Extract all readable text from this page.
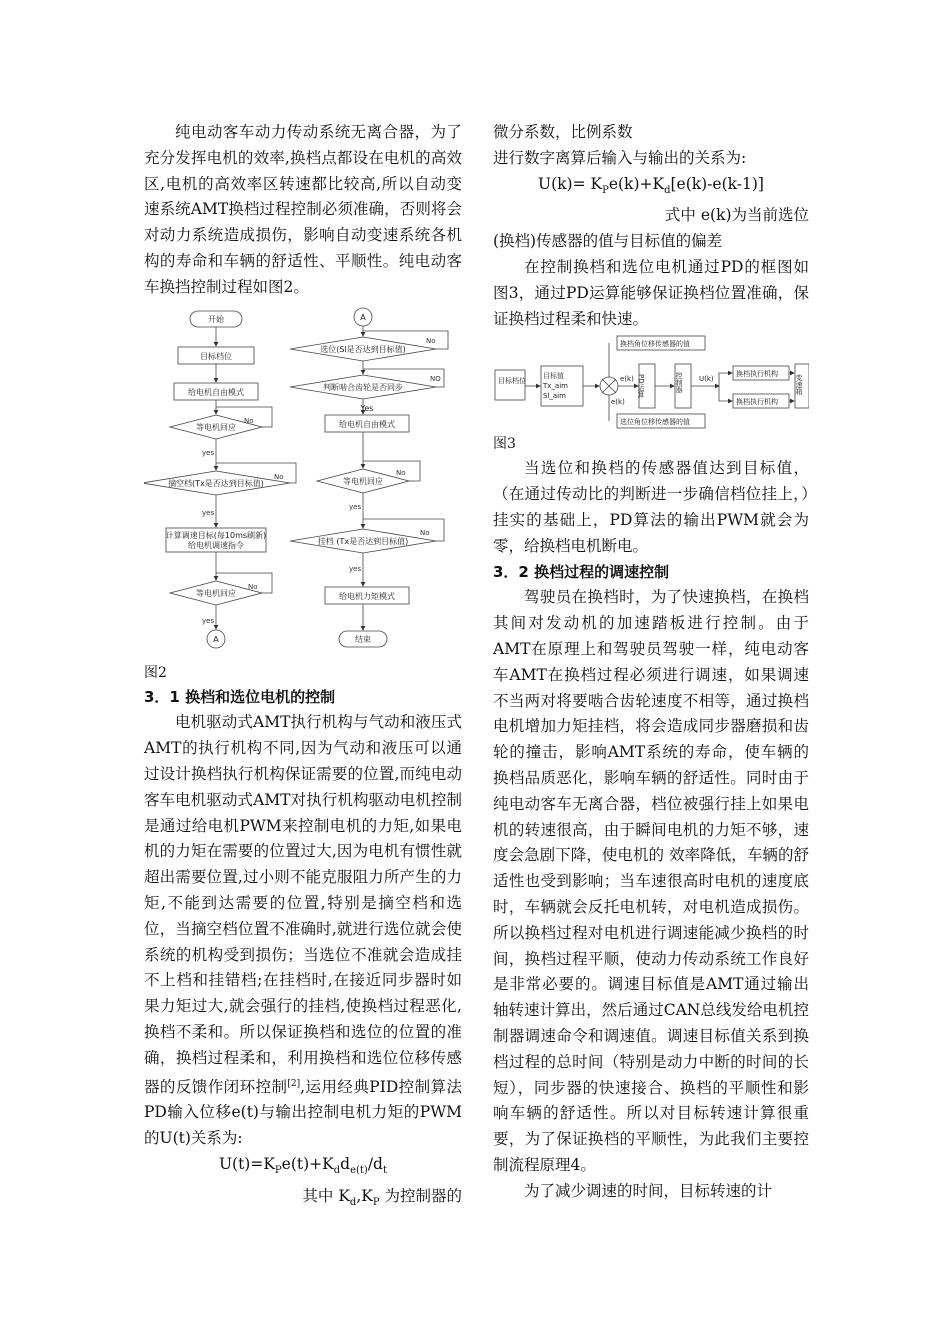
纯电动客车动力传动系统无离合器，为了充分发挥电机的效率,换档点都设在电机的高效区,电机的高效率区转速都比较高,所以自动变速系统AMT换档过程控制必须准确，否则将会对动力系统造成损伤，影响自动变速系统各机构的寿命和车辆的舒适性、平顺性。纯电动客车换挡控制过程如图2。

开始
目标档位
给电机自由模式
等电机回应
摘空档(Tx是否达到目标值)
计算调速目标(每10ms刷新)
给电机调速指令
等电机回应
A
A
选位(Sl是否达到目标值)
判断啮合齿轮是否同步
Yes
给电机自由模式
等电机回应
挂档 (Tx是否达到目标值)
给电机力矩模式
结束
yes
yes
yes
yes
yes
No
No
No
No
NO
No
No

图2

3．1 换档和选位电机的控制

电机驱动式AMT执行机构与气动和液压式AMT的执行机构不同,因为气动和液压可以通过设计换档执行机构保证需要的位置,而纯电动客车电机驱动式AMT对执行机构驱动电机控制是通过给电机PWM来控制电机的力矩,如果电机的力矩在需要的位置过大,因为电机有惯性就超出需要位置,过小则不能克服阻力所产生的力矩,不能到达需要的位置,特别是摘空档和选位，当摘空档位置不准确时,就进行选位就会使系统的机构受到损伤；当选位不准就会造成挂不上档和挂错档;在挂档时,在接近同步器时如果力矩过大,就会强行的挂档,使换档过程恶化,换档不柔和。所以保证换档和选位的位置的准确，换档过程柔和，利用换档和选位位移传感器的反馈作闭环控制[2],运用经典PID控制算法PD输入位移e(t)与输出控制电机力矩的PWM的U(t)关系为:

$U(t)=K_Pe(t)+K_dd_{e(t)}/d_t$

其中 $K_d,K_P$ 为控制器的

微分系数，比例系数

进行数字离算后输入与输出的关系为:

$U(k)= K_Pe(k)+K_d[e(k)-e(k-1)]$

式中 e(k)为当前选位

(换档)传感器的值与目标值的偏差

在控制换档和选位电机通过PD的框图如图3，通过PD运算能够保证换档位置准确，保证换档过程柔和快速。

目标档位
目标值
Tx_aim
Sl_aim
换档角位移传感器的值
选位角位移传感器的值
e(k)
e(k)
PD运算	控制器 U(k)
换档执行机构
换档执行机构
变速箱

图3

当选位和换档的传感器值达到目标值，（在通过传动比的判断进一步确信档位挂上，）挂实的基础上，PD算法的输出PWM就会为零，给换档电机断电。

3．2 换档过程的调速控制

驾驶员在换档时，为了快速换档，在换档其间对发动机的加速踏板进行控制。由于AMT在原理上和驾驶员驾驶一样，纯电动客车AMT在换档过程必须进行调速，如果调速不当两对将要啮合齿轮速度不相等，通过换档电机增加力矩挂档，将会造成同步器磨损和齿轮的撞击，影响AMT系统的寿命，使车辆的换档品质恶化，影响车辆的舒适性。同时由于纯电动客车无离合器，档位被强行挂上如果电机的转速很高，由于瞬间电机的力矩不够，速度会急剧下降，使电机的 效率降低，车辆的舒适性也受到影响；当车速很高时电机的速度底时，车辆就会反托电机转，对电机造成损伤。所以换档过程对电机进行调速能减少换档的时间，换档过程平顺，使动力传动系统工作良好是非常必要的。调速目标值是AMT通过输出轴转速计算出，然后通过CAN总线发给电机控制器调速命令和调速值。调速目标值关系到换档过程的总时间（特别是动力中断的时间的长短），同步器的快速接合、换档的平顺性和影响车辆的舒适性。所以对目标转速计算很重要，为了保证换档的平顺性，为此我们主要控制流程原理4。

为了减少调速的时间，目标转速的计
